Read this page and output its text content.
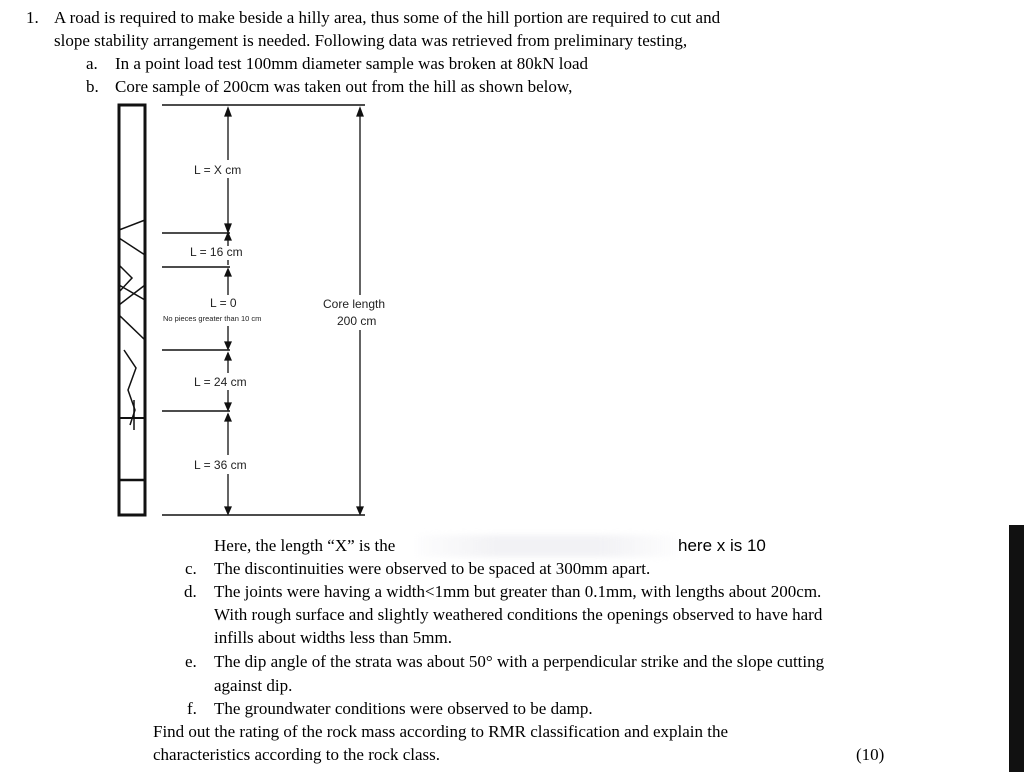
1. A road is required to make beside a hilly area, thus some of the hill portion are required to cut and
slope stability arrangement is needed. Following data was retrieved from preliminary testing,
a. In a point load test 100mm diameter sample was broken at 80kN load
b. Core sample of 200cm was taken out from the hill as shown below,
L = X cm
L = 16 cm
L = 0
No pieces greater than 10 cm
L = 24 cm
L = 36 cm
Core length
200 cm
Here, the length “X” is the	here x is 10
c. The discontinuities were observed to be spaced at 300mm apart.
d. The joints were having a width<1mm but greater than 0.1mm, with lengths about 200cm.
With rough surface and slightly weathered conditions the openings observed to have hard
infills about widths less than 5mm.
e. The dip angle of the strata was about 50° with a perpendicular strike and the slope cutting
against dip.
f. The groundwater conditions were observed to be damp.
Find out the rating of the rock mass according to RMR classification and explain the
characteristics according to the rock class.	(10)
